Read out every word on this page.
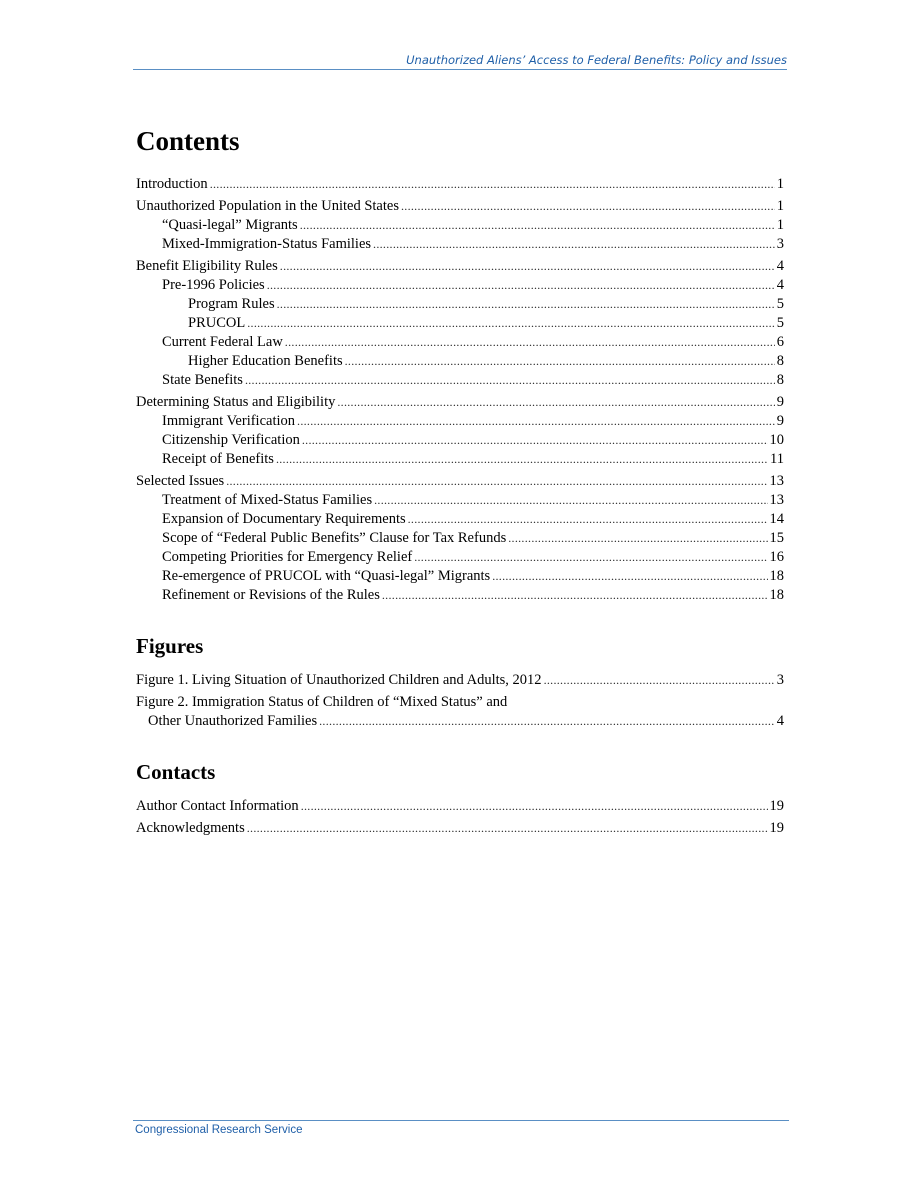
Unauthorized Aliens’ Access to Federal Benefits: Policy and Issues
Contents
Introduction .....	1
Unauthorized Population in the United States .....	1
“Quasi-legal” Migrants .....	1
Mixed-Immigration-Status Families .....	3
Benefit Eligibility Rules .....	4
Pre-1996 Policies .....	4
Program Rules .....	5
PRUCOL .....	5
Current Federal Law .....	6
Higher Education Benefits .....	8
State Benefits .....	8
Determining Status and Eligibility .....	9
Immigrant Verification .....	9
Citizenship Verification .....	10
Receipt of Benefits .....	11
Selected Issues .....	13
Treatment of Mixed-Status Families .....	13
Expansion of Documentary Requirements .....	14
Scope of “Federal Public Benefits” Clause for Tax Refunds .....	15
Competing Priorities for Emergency Relief .....	16
Re-emergence of PRUCOL with “Quasi-legal” Migrants .....	18
Refinement or Revisions of the Rules .....	18
Figures
Figure 1. Living Situation of Unauthorized Children and Adults, 2012 .....	3
Figure 2. Immigration Status of Children of “Mixed Status” and
Other Unauthorized Families .....	4
Contacts
Author Contact Information .....	19
Acknowledgments .....	19
Congressional Research Service
